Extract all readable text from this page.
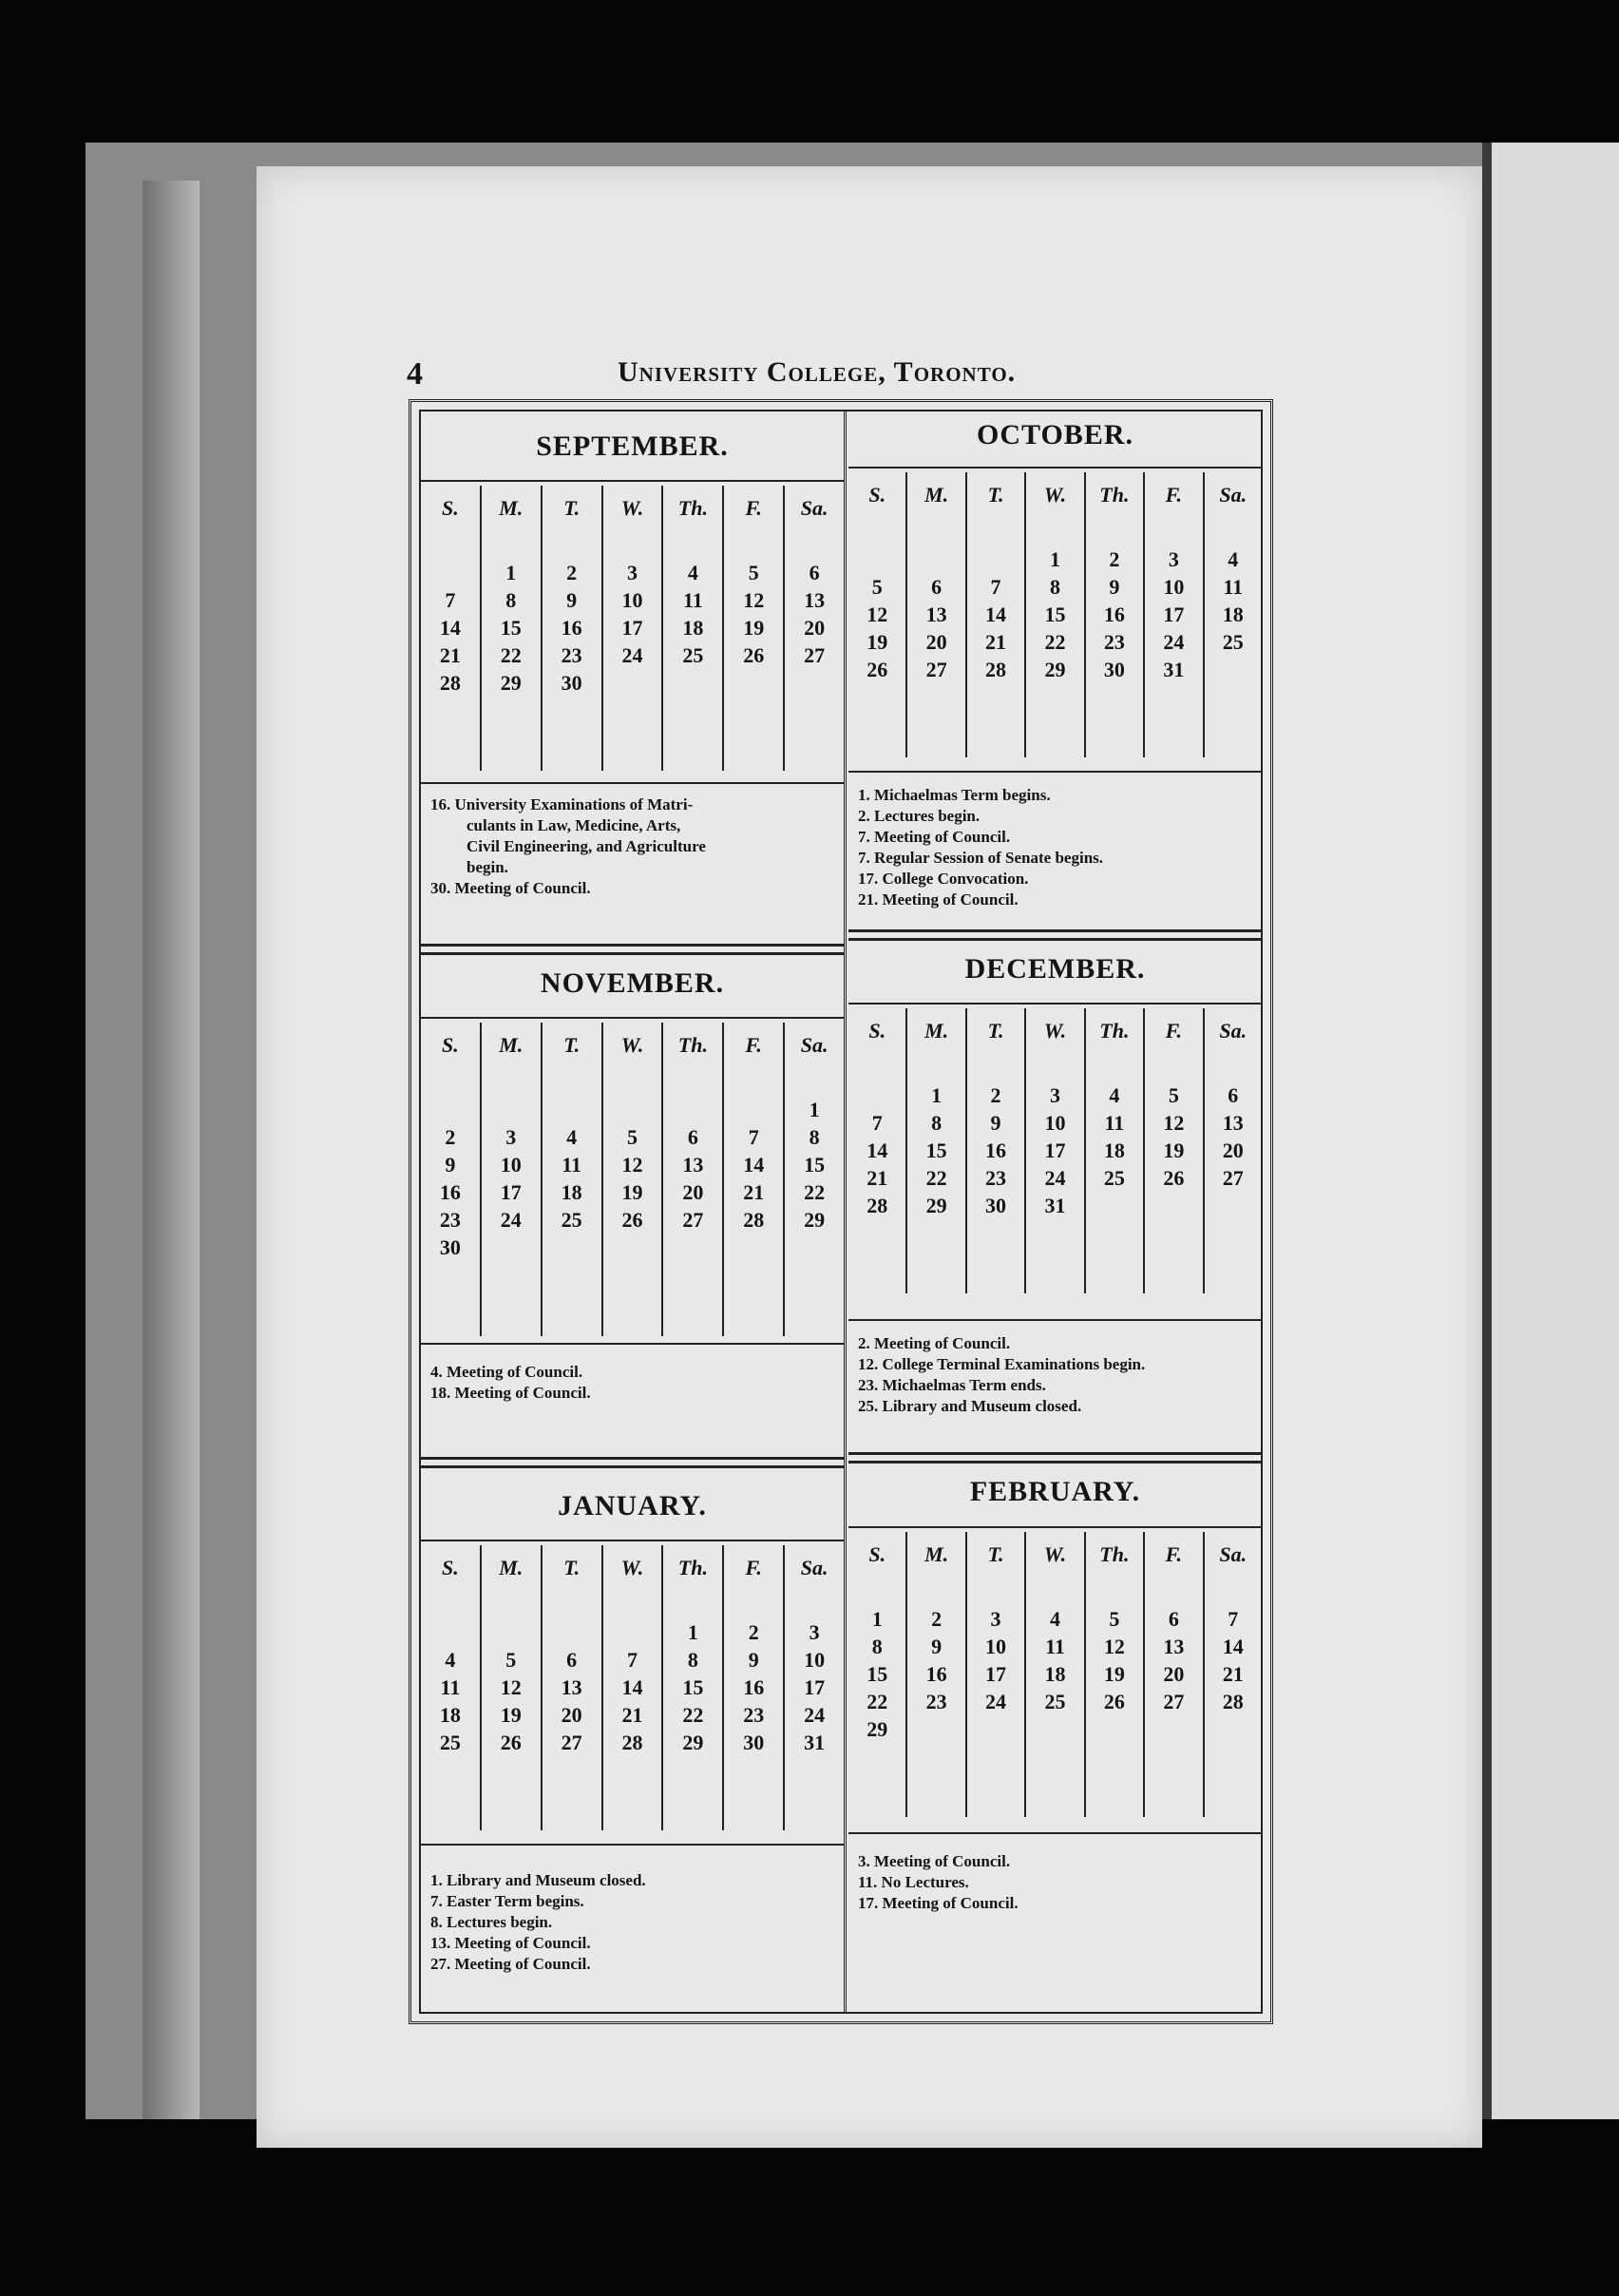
4	University College, Toronto.
SEPTEMBER.
S.
7
14
21
28
M.
1
8
15
22
29
T.
2
9
16
23
30
W.
3
10
17
24
Th.
4
11
18
25
F.
5
12
19
26
Sa.
6
13
20
27
16. University Examinations of Matri-
culants in Law, Medicine, Arts,
Civil Engineering, and Agriculture
begin.
30. Meeting of Council.
OCTOBER.
S.
5
12
19
26
M.
6
13
20
27
T.
7
14
21
28
W.
1
8
15
22
29
Th.
2
9
16
23
30
F.
3
10
17
24
31
Sa.
4
11
18
25
1. Michaelmas Term begins.
2. Lectures begin.
7. Meeting of Council.
7. Regular Session of Senate begins.
17. College Convocation.
21. Meeting of Council.
NOVEMBER.
S.
2
9
16
23
30
M.
3
10
17
24
T.
4
11
18
25
W.
5
12
19
26
Th.
6
13
20
27
F.
7
14
21
28
Sa.
1
8
15
22
29
4. Meeting of Council.
18. Meeting of Council.
DECEMBER.
S.
7
14
21
28
M.
1
8
15
22
29
T.
2
9
16
23
30
W.
3
10
17
24
31
Th.
4
11
18
25
F.
5
12
19
26
Sa.
6
13
20
27
2. Meeting of Council.
12. College Terminal Examinations begin.
23. Michaelmas Term ends.
25. Library and Museum closed.
JANUARY.
S.
4
11
18
25
M.
5
12
19
26
T.
6
13
20
27
W.
7
14
21
28
Th.
1
8
15
22
29
F.
2
9
16
23
30
Sa.
3
10
17
24
31
1. Library and Museum closed.
7. Easter Term begins.
8. Lectures begin.
13. Meeting of Council.
27. Meeting of Council.
FEBRUARY.
S.
1
8
15
22
29
M.
2
9
16
23
T.
3
10
17
24
W.
4
11
18
25
Th.
5
12
19
26
F.
6
13
20
27
Sa.
7
14
21
28
3. Meeting of Council.
11. No Lectures.
17. Meeting of Council.
